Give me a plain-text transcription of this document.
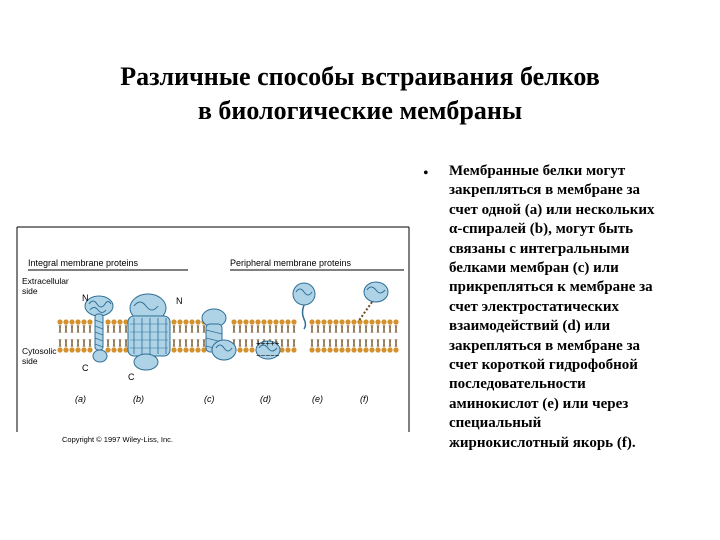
Различные способы встраивания белков
в биологические мембраны
• Мембранные белки могут
закрепляться в мембране за
счет одной (a) или нескольких
α-спиралей (b), могут быть
связаны с интегральными
белками мембран (c) или
прикрепляться к мембране за
счет электростатических
взаимодействий (d) или
закрепляться в мембране за
счет короткой гидрофобной
последовательности
аминокислот (e) или через
специальный
жирнокислотный якорь (f).
Integral membrane proteins	Peripheral membrane proteins
Extracellular
side
Cytosolic
side
N
C
N
C
+++++
−−−−−
(a)	(b)	(c)	(d)	(e)	(f)
Copyright © 1997 Wiley-Liss, Inc.
